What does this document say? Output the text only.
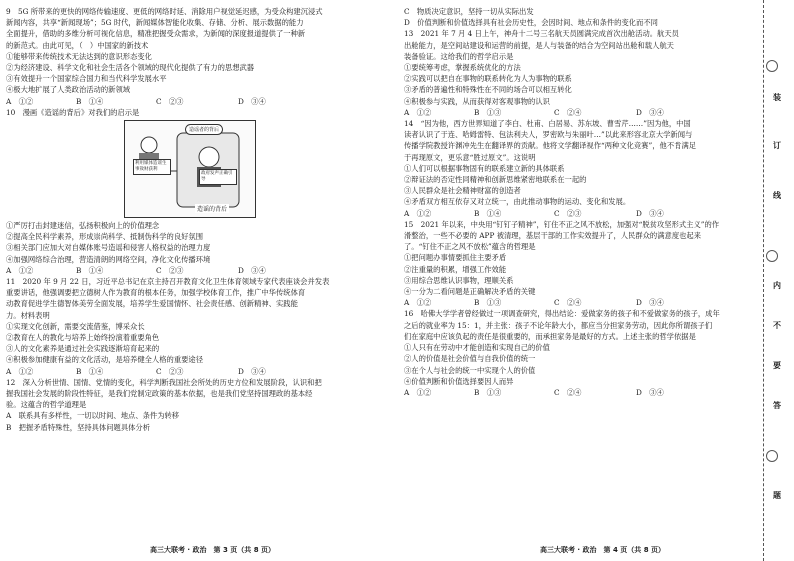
9　5G 所带来的更快的网络传输速度、更低的网络时延、消除用户视觉延迟感，为受众构建沉浸式
新闻内容，共享“新闻现场”；5G 时代，新闻媒体智能化收集、存储、分析、展示数据的能力
全面提升，借助的多维分析可视化信息，精准把握受众需求，为新闻的深度报道提供了一种新
的新范式。由此可见，（　）中国家的新技术
①能够带来传统技术无法达到的意识形态变化
②为经济建设、科学文化和社会生活各个领域的现代化提供了有力的思想武器
③有效提升一个国家综合国力和当代科学发展水平
④极大地扩展了人类政治活动的新领域
A　①②	B　①④	C　②③	D　③④
10　漫画《造谣的背后》对我们的启示是
造谣者的背后
利用媒体造谣生事敛财获利
政府发声正确引导
造谣的背后
①严厉打击封建迷信，弘扬积极向上的价值理念
②提高全民科学素养，形成崇尚科学、抵制伪科学的良好氛围
③相关部门应加大对自媒体账号造谣和侵害人格权益的治理力度
④加强网络综合治理，营造清朗的网络空间，净化文化传播环境
A　①②	B　①④	C　②③	D　③④
11　2020 年 9 月 22 日，习近平总书记在京主持召开教育文化卫生体育领域专家代表座谈会并发表
重要讲话，他强调要把立德树人作为教育的根本任务，加强学校体育工作，推广中华传统体育
动教育促进学生德智体美劳全面发展，培养学生爱国情怀、社会责任感、创新精神、实践能
力。材料表明
①实现文化创新，需要交流借鉴，博采众长
②教育在人的教化与培养上始终扮演着重要角色
③人的文化素养是通过社会实践逐渐培育起来的
④积极参加健康有益的文化活动，是培养健全人格的重要途径
A　①②	B　①④	C　②③	D　③④
12　深入分析世情、国情、党情的变化，科学判断我国社会所处的历史方位和发展阶段，认识和把
握我国社会发展的阶段性特征，是我们党制定政策的基本依据，也是我们党坚持国理政的基本经
验。这蕴含的哲学道理是
A　联系具有多样性，一切以时间、地点、条件为转移
B　把握矛盾特殊性，坚持具体问题具体分析
高三大联考 · 政治　第 3 页（共 8 页）
C　物质决定意识，坚持一切从实际出发
D　价值判断和价值选择具有社会历史性，会因时间、地点和条件的变化而不同
13　2021 年 7 月 4 日上午，神舟十二号三名航天员圆满完成首次出舱活动。航天员
出舱能力，是空间站建设和运营的前提，是人与装备的结合为空间站出舱和载人航天
装备验证。这给我们的哲学启示是
①要统筹考虑，掌握系统优化的方法
②实践可以把自在事物的联系转化为人为事物的联系
③矛盾的普遍性和特殊性在不同的场合可以相互转化
④积极参与实践，从而获得对客观事物的认识
A　①②	B　①③	C　②④	D　③④
14　“因为他，西方世界知道了李白、杜甫、白居易、苏东坡、曹雪芹……”因为他，中国
读者认识了于连、哈姆雷特、包法利夫人，罗密欧与朱丽叶…”以此来形容北京大学新闻与
传播学院教授许渊冲先生在翻译界的贡献。他将文学翻译视作“两种文化竞赛”，他不肯满足
于再现原文，更乐意“胜过原文”。这说明
①人们可以根据事物固有的联系建立新的具体联系
②辩证法的否定性同精神和创新思维紧密地联系在一起的
③人民群众是社会精神财富的创造者
④矛盾双方相互依存又对立统一，由此推动事物的运动、变化和发展。
A　①②	B　①④	C　②③	D　③④
15　2021 年以来，中央用“钉钉子精神”，钉住不正之风不放松，加强对“脱贫攻坚形式主义”的作
滑整治，一些不必要的 APP 被清理，基层干部的工作实效提升了，人民群众的满意度也起来
了。“钉住不正之风不放松”蕴含的哲理是
①把问题办事情要抓住主要矛盾
②注重量的积累，增强工作效能
③用综合思维认识事物，理顺关系
④一分为二看问题是正确解决矛盾的关键
A　①②	B　①③	C　②④	D　③④
16　哈佛大学学者曾经做过一项调查研究，得出结论：爱做家务的孩子和不爱做家务的孩子，成年
之后的就业率为 15：1，并主张：孩子不论年龄大小，都应当分担家务劳动，因此你所谓孩子们
们在家庭中应该负起的责任是很重要的，而承担家务是最好的方式。上述主张的哲学依据是
①人只有在劳动中才能创造和实现自己的价值
②人的价值是社会价值与自我价值的统一
③在个人与社会的统一中实现个人的价值
④价值判断和价值选择要因人而异
A　①②	B　①③	C　②④	D　③④
高三大联考 · 政治　第 4 页（共 8 页）
装
订
线
内
不
要
答
题
